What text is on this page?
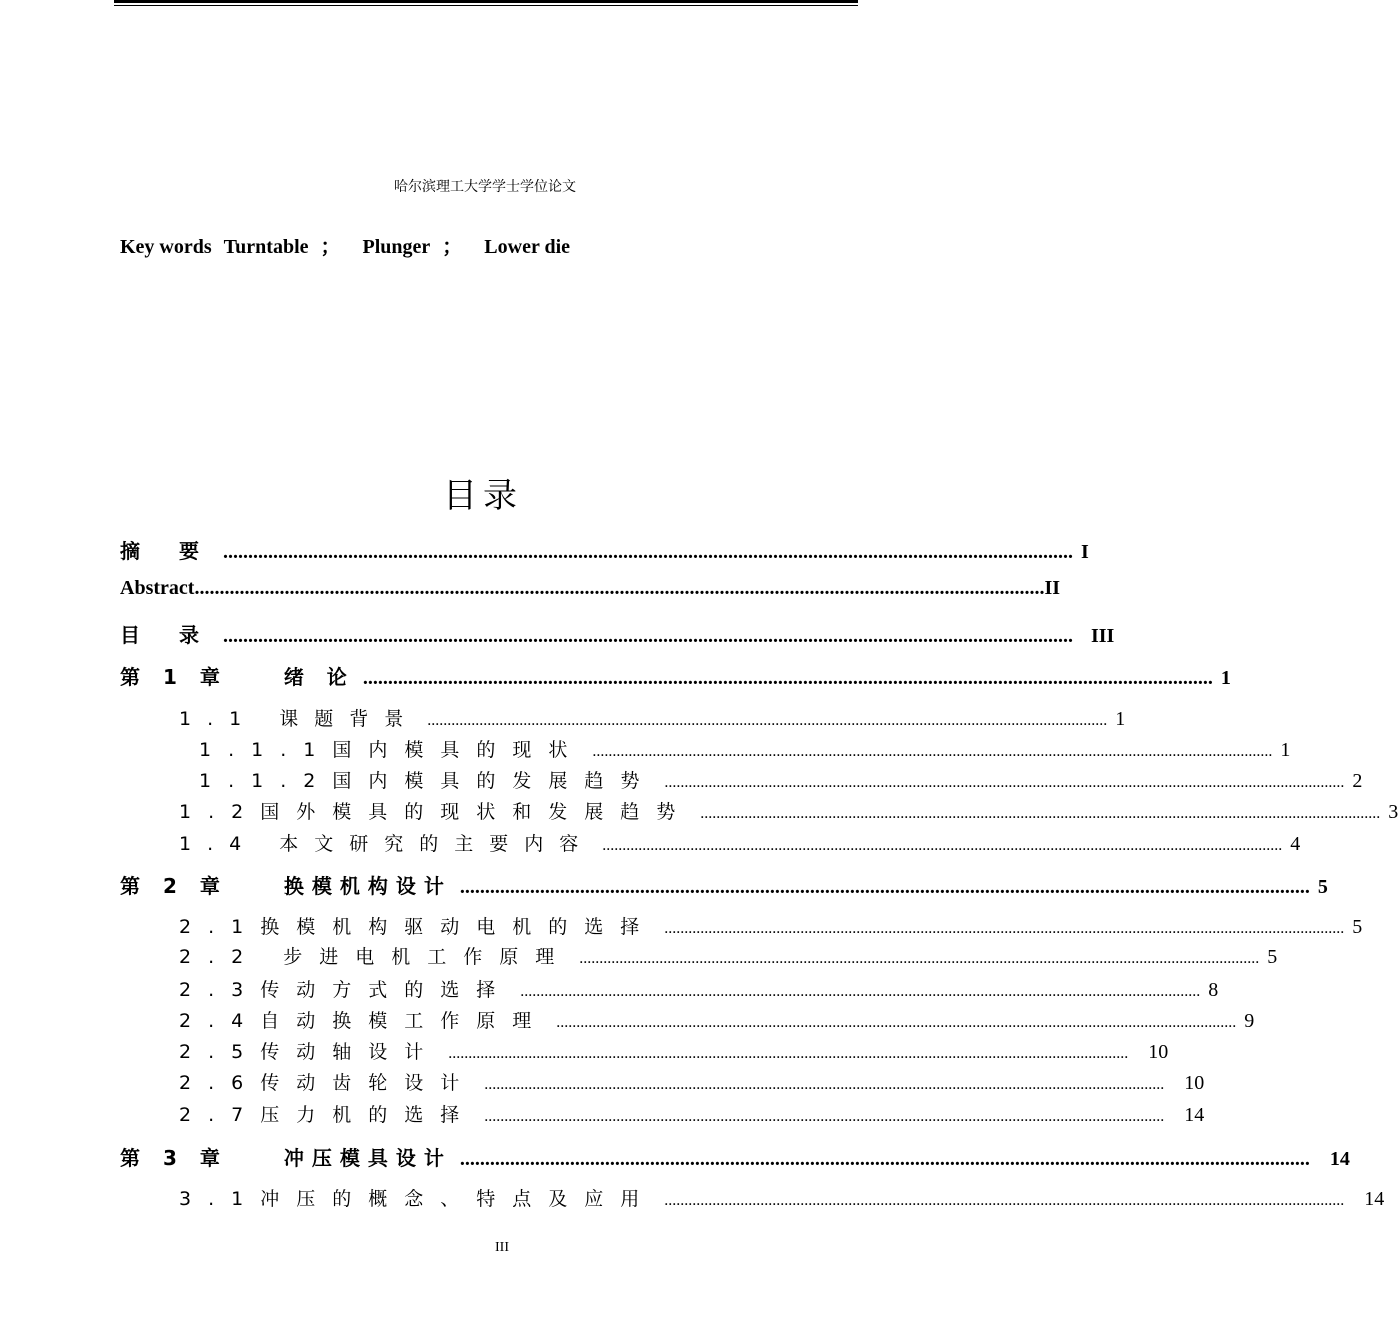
哈尔滨理工大学学士学位论文
Key words Turntable ； Plunger ； Lower die
目录
摘 要 .......................................................................................................................................................................... I
Abstract .......................................................................................................................................................................... II
目 录 .......................................................................................................................................................................... III
第 1 章　　绪 论 .......................................................................................................................................................................... 1
1.1 课题背景 .......................................................................................................................................................................... 1
1.1.1国内模具的现状 .......................................................................................................................................................................... 1
1.1.2国内模具的发展趋势 .......................................................................................................................................................................... 2
1.2国外模具的现状和发展趋势 .......................................................................................................................................................................... 3
1.4 本文研究的主要内容 .......................................................................................................................................................................... 4
第 2 章　　换模机构设计 .......................................................................................................................................................................... 5
2.1换模机构驱动电机的选择 .......................................................................................................................................................................... 5
2.2 步进电机工作原理 .......................................................................................................................................................................... 5
2.3传动方式的选择 .......................................................................................................................................................................... 8
2.4自动换模工作原理 .......................................................................................................................................................................... 9
2.5传动轴设计 .......................................................................................................................................................................... 10
2.6传动齿轮设计 .......................................................................................................................................................................... 10
2.7压力机的选择 .......................................................................................................................................................................... 14
第 3 章　　冲压模具设计 .......................................................................................................................................................................... 14
3.1冲压的概念、特点及应用 .......................................................................................................................................................................... 14
III
